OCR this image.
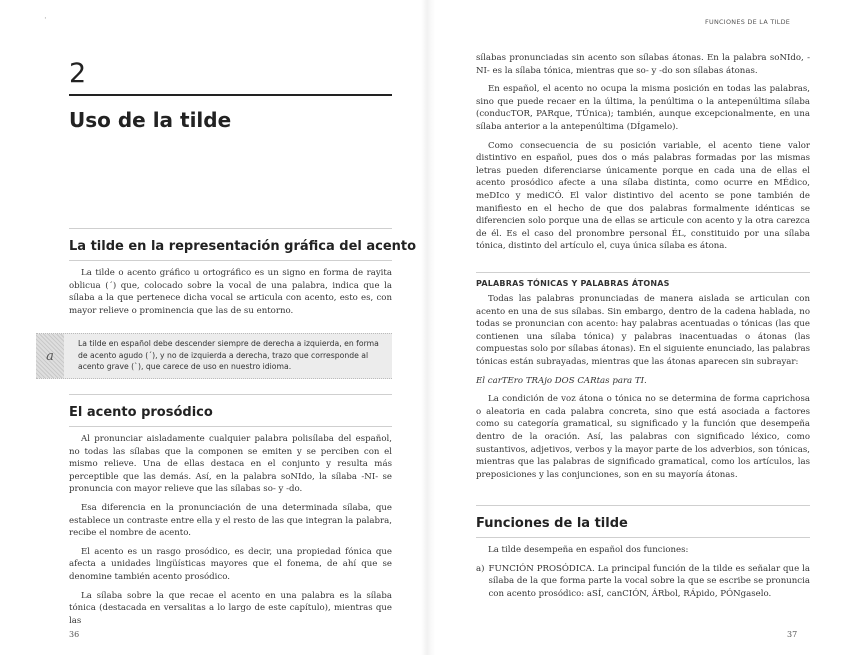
·
2
Uso de la tilde
La tilde en la representación gráfica del acento

La tilde o acento gráfico u ortográfico es un signo en forma de rayita oblicua (´) que, colocado sobre la vocal de una palabra, indica que la sílaba a la que pertenece dicha vocal se articula con acento, esto es, con mayor relieve o prominencia que las de su entorno.

a
La tilde en español debe descender siempre de derecha a izquierda, en forma de acento agudo (´), y no de izquierda a derecha, trazo que corresponde al acento grave (`), que carece de uso en nuestro idioma.
El acento prosódico

Al pronunciar aisladamente cualquier palabra polisílaba del español, no todas las sílabas que la componen se emiten y se perciben con el mismo relieve. Una de ellas destaca en el conjunto y resulta más perceptible que las demás. Así, en la palabra soNIdo, la sílaba -NI- se pronuncia con mayor relieve que las sílabas so- y -do.

Esa diferencia en la pronunciación de una determinada sílaba, que establece un contraste entre ella y el resto de las que integran la palabra, recibe el nombre de acento.

El acento es un rasgo prosódico, es decir, una propiedad fónica que afecta a unidades lingüísticas mayores que el fonema, de ahí que se denomine también acento prosódico.

La sílaba sobre la que recae el acento en una palabra es la sílaba tónica (destacada en versalitas a lo largo de este capítulo), mientras que las

36
FUNCIONES DE LA TILDE

sílabas pronunciadas sin acento son sílabas átonas. En la palabra soNIdo, -NI- es la sílaba tónica, mientras que so- y -do son sílabas átonas.

En español, el acento no ocupa la misma posición en todas las palabras, sino que puede recaer en la última, la penúltima o la antepenúltima sílaba (conducTOR, PARque, TÚnica); también, aunque excepcionalmente, en una sílaba anterior a la antepenúltima (DÍgamelo).

Como consecuencia de su posición variable, el acento tiene valor distintivo en español, pues dos o más palabras formadas por las mismas letras pueden diferenciarse únicamente porque en cada una de ellas el acento prosódico afecte a una sílaba distinta, como ocurre en MÉdico, meDIco y mediCÓ. El valor distintivo del acento se pone también de manifiesto en el hecho de que dos palabras formalmente idénticas se diferencien solo porque una de ellas se articule con acento y la otra carezca de él. Es el caso del pronombre personal ÉL, constituido por una sílaba tónica, distinto del artículo el, cuya única sílaba es átona.

PALABRAS TÓNICAS Y PALABRAS ÁTONAS

Todas las palabras pronunciadas de manera aislada se articulan con acento en una de sus sílabas. Sin embargo, dentro de la cadena hablada, no todas se pronuncian con acento: hay palabras acentuadas o tónicas (las que contienen una sílaba tónica) y palabras inacentuadas o átonas (las compuestas solo por sílabas átonas). En el siguiente enunciado, las palabras tónicas están subrayadas, mientras que las átonas aparecen sin subrayar:

El carTEro TRAjo DOS CARtas para TI.

La condición de voz átona o tónica no se determina de forma caprichosa o aleatoria en cada palabra concreta, sino que está asociada a factores como su categoría gramatical, su significado y la función que desempeña dentro de la oración. Así, las palabras con significado léxico, como sustantivos, adjetivos, verbos y la mayor parte de los adverbios, son tónicas, mientras que las palabras de significado gramatical, como los artículos, las preposiciones y las conjunciones, son en su mayoría átonas.

Funciones de la tilde

La tilde desempeña en español dos funciones:

a) FUNCIÓN PROSÓDICA. La principal función de la tilde es señalar que la sílaba de la que forma parte la vocal sobre la que se escribe se pronuncia con acento prosódico: aSÍ, canCIÓN, ÁRbol, RÁpido, PÓNgaselo.
37
